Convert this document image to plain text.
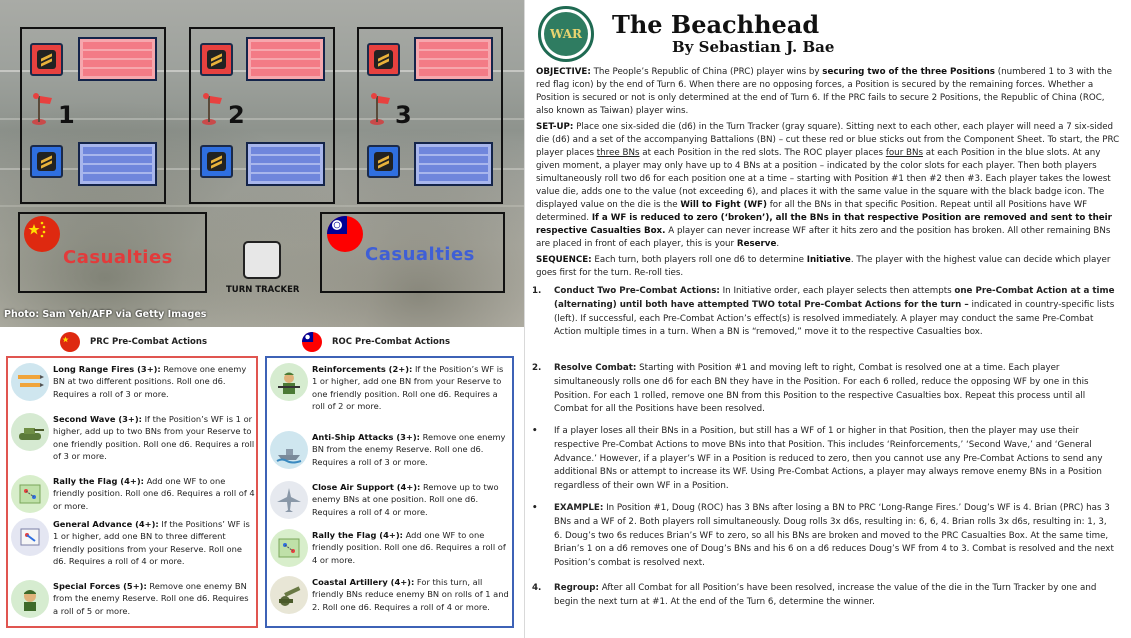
1	2	3
Casualties	Casualties
TURN TRACKER
Photo: Sam Yeh/AFP via Getty Images
PRC Pre-Combat Actions	ROC Pre-Combat Actions
Long Range Fires (3+): Remove one enemy BN at two different positions. Roll one d6. Requires a roll of 3 or more.
Second Wave (3+): If the Position’s WF is 1 or higher, add up to two BNs from your Reserve to one friendly position. Roll one d6. Requires a roll of 3 or more.
Rally the Flag (4+): Add one WF to one friendly position. Roll one d6. Requires a roll of 4 or more.
General Advance (4+): If the Positions’ WF is 1 or higher, add one BN to three different friendly positions from your Reserve. Roll one d6. Requires a roll of 4 or more.
Special Forces (5+): Remove one enemy BN from the enemy Reserve. Roll one d6. Requires a roll of 5 or more.
Reinforcements (2+): If the Position’s WF is 1 or higher, add one BN from your Reserve to one friendly position. Roll one d6. Requires a roll of 2 or more.
Anti-Ship Attacks (3+): Remove one enemy BN from the enemy Reserve. Roll one d6. Requires a roll of 3 or more.
Close Air Support (4+): Remove up to two enemy BNs at one position. Roll one d6. Requires a roll of 4 or more.
Rally the Flag (4+): Add one WF to one friendly position. Roll one d6. Requires a roll of 4 or more.
Coastal Artillery (4+): For this turn, all friendly BNs reduce enemy BN on rolls of 1 and 2. Roll one d6. Requires a roll of 4 or more.
WAR The Beachhead
By Sebastian J. Bae
OBJECTIVE: The People’s Republic of China (PRC) player wins by securing two of the three Positions (numbered 1 to 3 with the red flag icon) by the end of Turn 6. When there are no opposing forces, a Position is secured by the remaining forces. Whether a Position is secured or not is only determined at the end of Turn 6. If the PRC fails to secure 2 Positions, the Republic of China (ROC, also known as Taiwan) player wins.
SET-UP: Place one six-sided die (d6) in the Turn Tracker (gray square). Sitting next to each other, each player will need a 7 six-sided die (d6) and a set of the accompanying Battalions (BN) – cut these red or blue sticks out from the Component Sheet. To start, the PRC player places three BNs at each Position in the red slots. The ROC player places four BNs at each Position in the blue slots. At any given moment, a player may only have up to 4 BNs at a position – indicated by the color slots for each player. Then both players simultaneously roll two d6 for each position one at a time – starting with Position #1 then #2 then #3. Each player takes the lowest value die, adds one to the value (not exceeding 6), and places it with the same value in the square with the black badge icon. The displayed value on the die is the Will to Fight (WF) for all the BNs in that specific Position. Repeat until all Positions have WF determined. If a WF is reduced to zero (‘broken’), all the BNs in that respective Position are removed and sent to their respective Casualties Box. A player can never increase WF after it hits zero and the position has broken. All other remaining BNs are placed in front of each player, this is your Reserve.
SEQUENCE: Each turn, both players roll one d6 to determine Initiative. The player with the highest value can decide which player goes first for the turn. Re-roll ties.
1.	Conduct Two Pre-Combat Actions: In Initiative order, each player selects then attempts one Pre-Combat Action at a time (alternating) until both have attempted TWO total Pre-Combat Actions for the turn – indicated in country-specific lists (left). If successful, each Pre-Combat Action’s effect(s) is resolved immediately. A player may conduct the same Pre-Combat Action multiple times in a turn. When a BN is “removed,” move it to the respective Casualties box.
2.	Resolve Combat: Starting with Position #1 and moving left to right, Combat is resolved one at a time. Each player simultaneously rolls one d6 for each BN they have in the Position. For each 6 rolled, reduce the opposing WF by one in this Position. For each 1 rolled, remove one BN from this Position to the respective Casualties box. Repeat this process until all Combat for all the Positions have been resolved.
•	If a player loses all their BNs in a Position, but still has a WF of 1 or higher in that Position, then the player may use their respective Pre-Combat Actions to move BNs into that Position. This includes ‘Reinforcements,’ ‘Second Wave,’ and ‘General Advance.’ However, if a player’s WF in a Position is reduced to zero, then you cannot use any Pre-Combat Actions to send any additional BNs or attempt to increase its WF. Using Pre-Combat Actions, a player may always remove enemy BNs in a Position regardless of their own WF in a Position.
•	EXAMPLE: In Position #1, Doug (ROC) has 3 BNs after losing a BN to PRC ‘Long-Range Fires.’ Doug’s WF is 4. Brian (PRC) has 3 BNs and a WF of 2. Both players roll simultaneously. Doug rolls 3x d6s, resulting in: 6, 6, 4. Brian rolls 3x d6s, resulting in: 1, 3, 6. Doug’s two 6s reduces Brian’s WF to zero, so all his BNs are broken and moved to the PRC Casualties Box. At the same time, Brian’s 1 on a d6 removes one of Doug’s BNs and his 6 on a d6 reduces Doug’s WF from 4 to 3. Combat is resolved and the next Position’s combat is resolved next.
4.	Regroup: After all Combat for all Position’s have been resolved, increase the value of the die in the Turn Tracker by one and begin the next turn at #1. At the end of the Turn 6, determine the winner.
